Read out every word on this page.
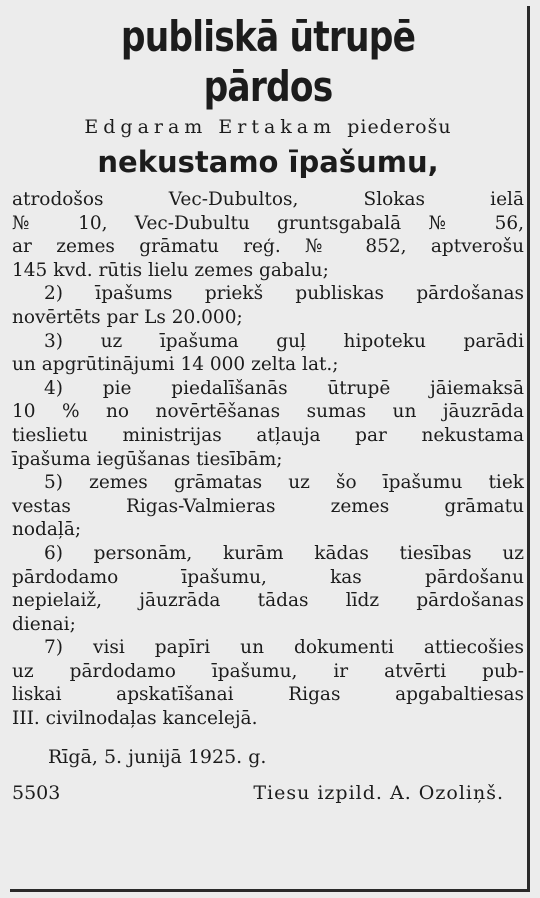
publiskā ūtrupē pārdos
Edgaram Ertakam piederošu
nekustamo īpašumu,
atrodošos Vec-Dubultos, Slokas ielā
№ 10, Vec-Dubultu gruntsgabalā № 56,
ar zemes grāmatu reģ. № 852, aptverošu
145 kvd. rūtis lielu zemes gabalu;
2) īpašums priekš publiskas pārdošanas
novērtēts par Ls 20.000;
3) uz īpašuma guļ hipoteku parādi
un apgrūtinājumi 14 000 zelta lat.;
4) pie piedalīšanās ūtrupē jāiemaksā
10 % no novērtēšanas sumas un jāuzrāda
tieslietu ministrijas atļauja par nekustama
īpašuma iegūšanas tiesībām;
5) zemes grāmatas uz šo īpašumu tiek
vestas Rigas-Valmieras zemes grāmatu
nodaļā;
6) personām, kurām kādas tiesības uz
pārdodamo īpašumu, kas pārdošanu
nepielaiž, jāuzrāda tādas līdz pārdošanas
dienai;
7) visi papīri un dokumenti attiecošies
uz pārdodamo īpašumu, ir atvērti pub-
liskai apskatīšanai Rigas apgabaltiesas
III. civilnodaļas kancelejā.
Rīgā, 5. junijā 1925. g.
5503	Tiesu izpild. A. Ozoliņš.
